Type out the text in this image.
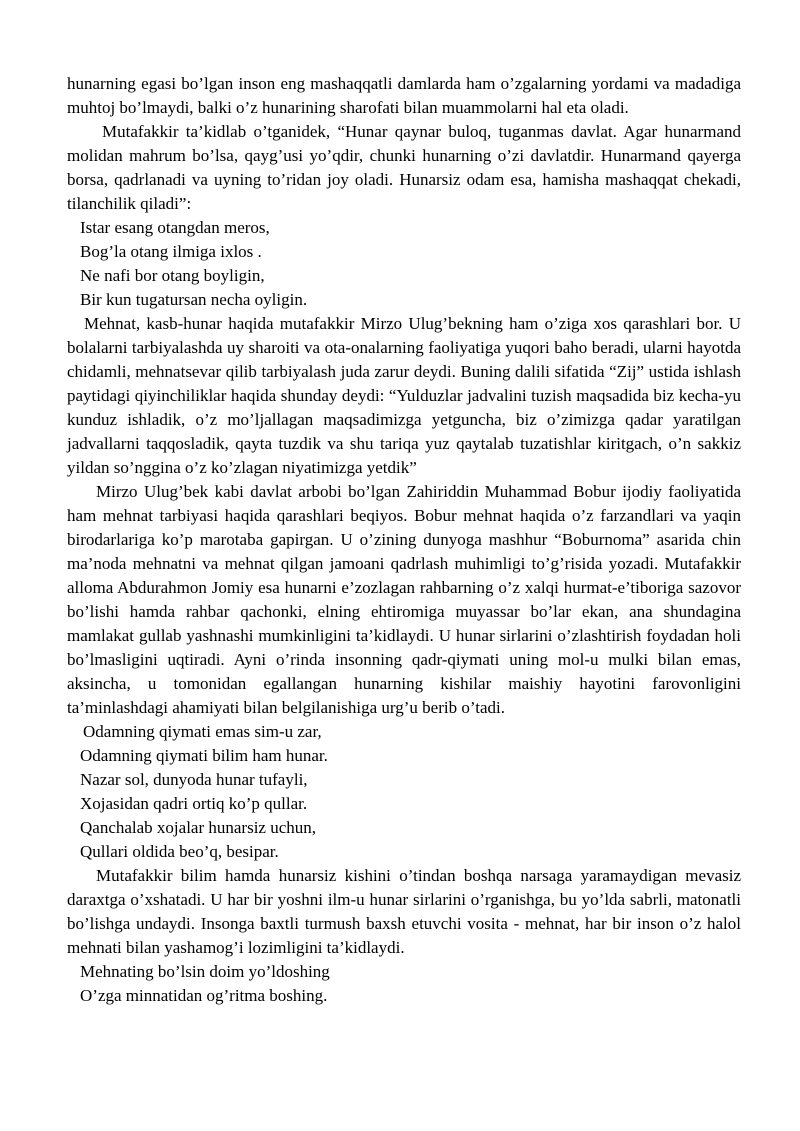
hunarning egasi bo’lgan inson eng mashaqqatli damlarda ham o’zgalarning yordami va madadiga muhtoj bo’lmaydi, balki o’z hunarining sharofati bilan muammolarni hal eta oladi.

Mutafakkir ta’kidlab o’tganidek, “Hunar qaynar buloq, tuganmas davlat. Agar hunarmand molidan mahrum bo’lsa, qayg’usi yo’qdir, chunki hunarning o’zi davlatdir. Hunarmand qayerga borsa, qadrlanadi va uyning to’ridan joy oladi. Hunarsiz odam esa, hamisha mashaqqat chekadi, tilanchilik qiladi”:

Istar esang otangdan meros,

Bog’la otang ilmiga ixlos .

Ne nafi bor otang boyligin,

Bir kun tugatursan necha oyligin.

Mehnat, kasb-hunar haqida mutafakkir Mirzo Ulug’bekning ham o’ziga xos qarashlari bor. U bolalarni tarbiyalashda uy sharoiti va ota-onalarning faoliyatiga yuqori baho beradi, ularni hayotda chidamli, mehnatsevar qilib tarbiyalash juda zarur deydi. Buning dalili sifatida “Zij” ustida ishlash paytidagi qiyinchiliklar haqida shunday deydi: “Yulduzlar jadvalini tuzish maqsadida biz kecha-yu kunduz ishladik, o’z mo’ljallagan maqsadimizga yetguncha, biz o’zimizga qadar yaratilgan jadvallarni taqqosladik, qayta tuzdik va shu tariqa yuz qaytalab tuzatishlar kiritgach, o’n sakkiz yildan so’nggina o’z ko’zlagan niyatimizga yetdik”

Mirzo Ulug’bek kabi davlat arbobi bo’lgan Zahiriddin Muhammad Bobur ijodiy faoliyatida ham mehnat tarbiyasi haqida qarashlari beqiyos. Bobur mehnat haqida o’z farzandlari va yaqin birodarlariga ko’p marotaba gapirgan. U o’zining dunyoga mashhur “Boburnoma” asarida chin ma’noda mehnatni va mehnat qilgan jamoani qadrlash muhimligi to’g’risida yozadi. Mutafakkir alloma Abdurahmon Jomiy esa hunarni e’zozlagan rahbarning o’z xalqi hurmat-e’tiboriga sazovor bo’lishi hamda rahbar qachonki, elning ehtiromiga muyassar bo’lar ekan, ana shundagina mamlakat gullab yashnashi mumkinligini ta’kidlaydi. U hunar sirlarini o’zlashtirish foydadan holi bo’lmasligini uqtiradi. Ayni o’rinda insonning qadr-qiymati uning mol-u mulki bilan emas, aksincha, u tomonidan egallangan hunarning kishilar maishiy hayotini farovonligini ta’minlashdagi ahamiyati bilan belgilanishiga urg’u berib o’tadi.

Odamning qiymati emas sim-u zar,

Odamning qiymati bilim ham hunar.

Nazar sol, dunyoda hunar tufayli,

Xojasidan qadri ortiq ko’p qullar.

Qanchalab xojalar hunarsiz uchun,

Qullari oldida beo’q, besipar.

Mutafakkir bilim hamda hunarsiz kishini o’tindan boshqa narsaga yaramaydigan mevasiz daraxtga o’xshatadi. U har bir yoshni ilm-u hunar sirlarini o’rganishga, bu yo’lda sabrli, matonatli bo’lishga undaydi. Insonga baxtli turmush baxsh etuvchi vosita - mehnat, har bir inson o’z halol mehnati bilan yashamog’i lozimligini ta’kidlaydi.

Mehnating bo’lsin doim yo’ldoshing

O’zga minnatidan og’ritma boshing.
